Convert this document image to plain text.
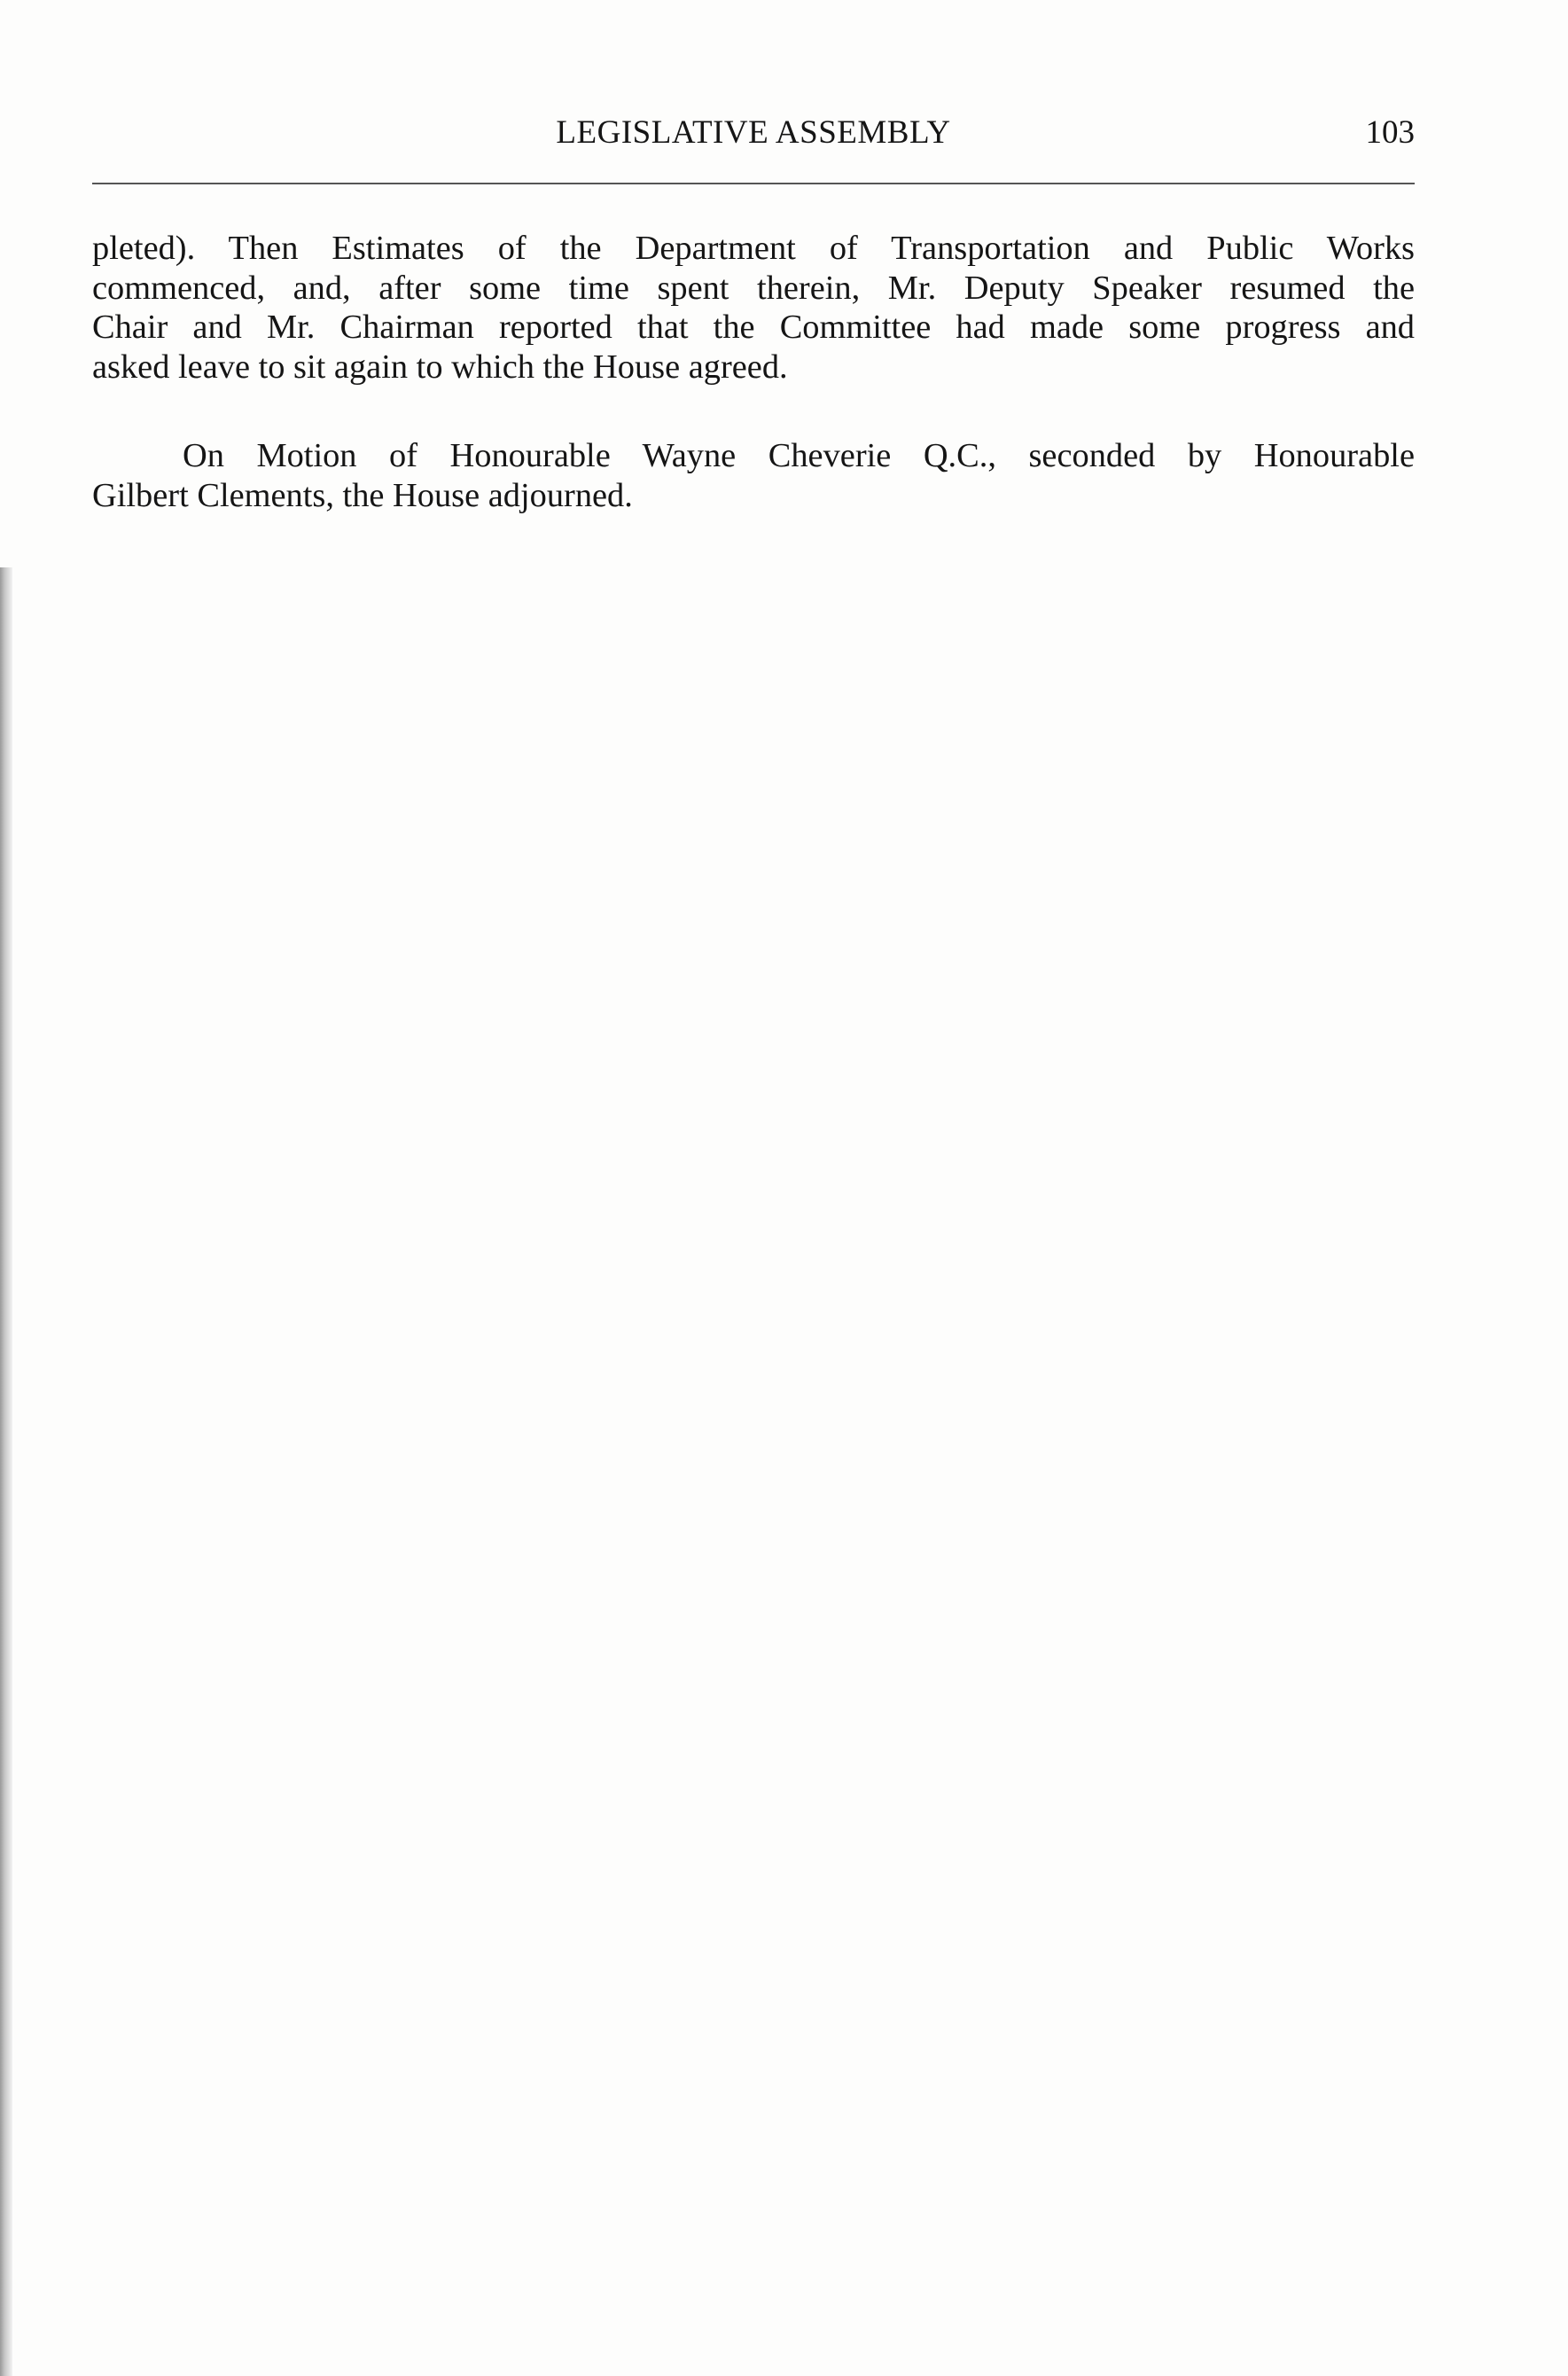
LEGISLATIVE ASSEMBLY	103

pleted). Then Estimates of the Department of Transportation and Public Works
commenced, and, after some time spent therein, Mr. Deputy Speaker resumed the
Chair and Mr. Chairman reported that the Committee had made some progress and
asked leave to sit again to which the House agreed.

On Motion of Honourable Wayne Cheverie Q.C., seconded by Honourable
Gilbert Clements, the House adjourned.
